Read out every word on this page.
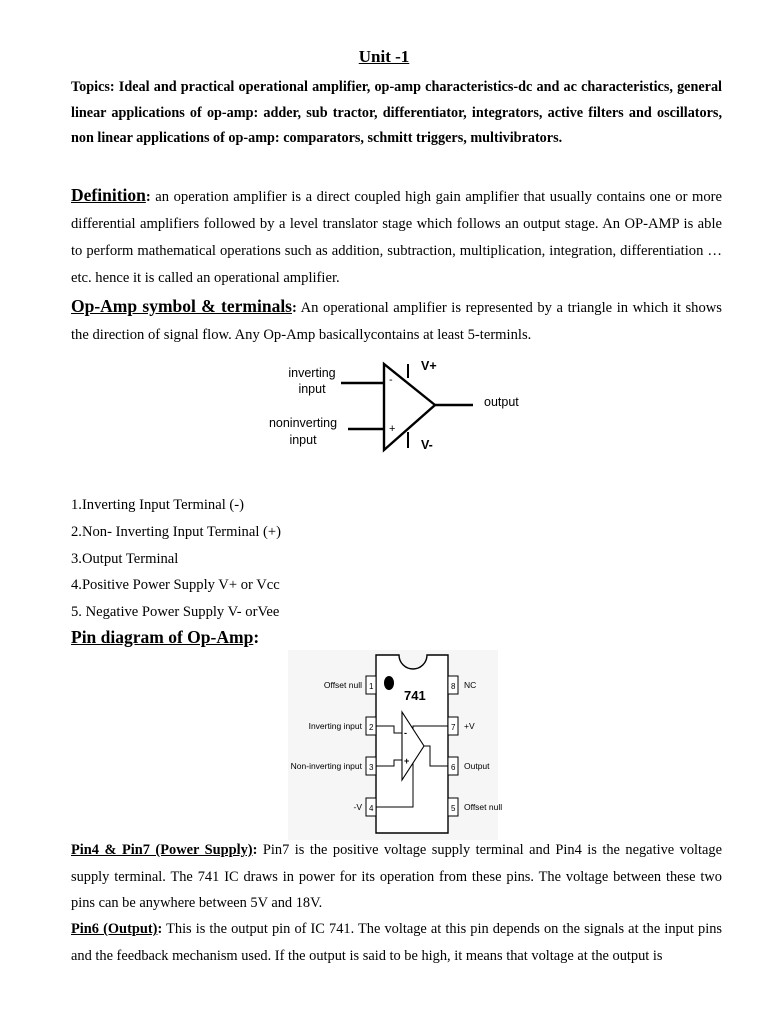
Unit -1
Topics: Ideal and practical operational amplifier, op-amp characteristics-dc and ac characteristics, general linear applications of op-amp: adder, sub tractor, differentiator, integrators, active filters and oscillators, non linear applications of op-amp: comparators, schmitt triggers, multivibrators.
Definition: an operation amplifier is a direct coupled high gain amplifier that usually contains one or more differential amplifiers followed by a level translator stage which follows an output stage. An OP-AMP is able to perform mathematical operations such as addition, subtraction, multiplication, integration, differentiation …etc. hence it is called an operational amplifier.
Op-Amp symbol & terminals: An operational amplifier is represented by a triangle in which it shows the direction of signal flow. Any Op-Amp basicallycontains at least 5-terminls.
inverting
input
noninverting
input
-
+
output
V+
V-
1.Inverting Input Terminal (-)
2.Non- Inverting Input Terminal (+)
3.Output Terminal
4.Positive Power Supply V+ or Vcc
5. Negative Power Supply V- orVee
Pin diagram of Op-Amp:
741
1
2
3
4
8
7
6
5
Offset null
Inverting input
Non-inverting input
-V
NC
+V
Output
Offset null
-
+
Pin4 & Pin7 (Power Supply): Pin7 is the positive voltage supply terminal and Pin4 is the negative voltage supply terminal. The 741 IC draws in power for its operation from these pins. The voltage between these two pins can be anywhere between 5V and 18V.
Pin6 (Output): This is the output pin of IC 741. The voltage at this pin depends on the signals at the input pins and the feedback mechanism used. If the output is said to be high, it means that voltage at the output is
